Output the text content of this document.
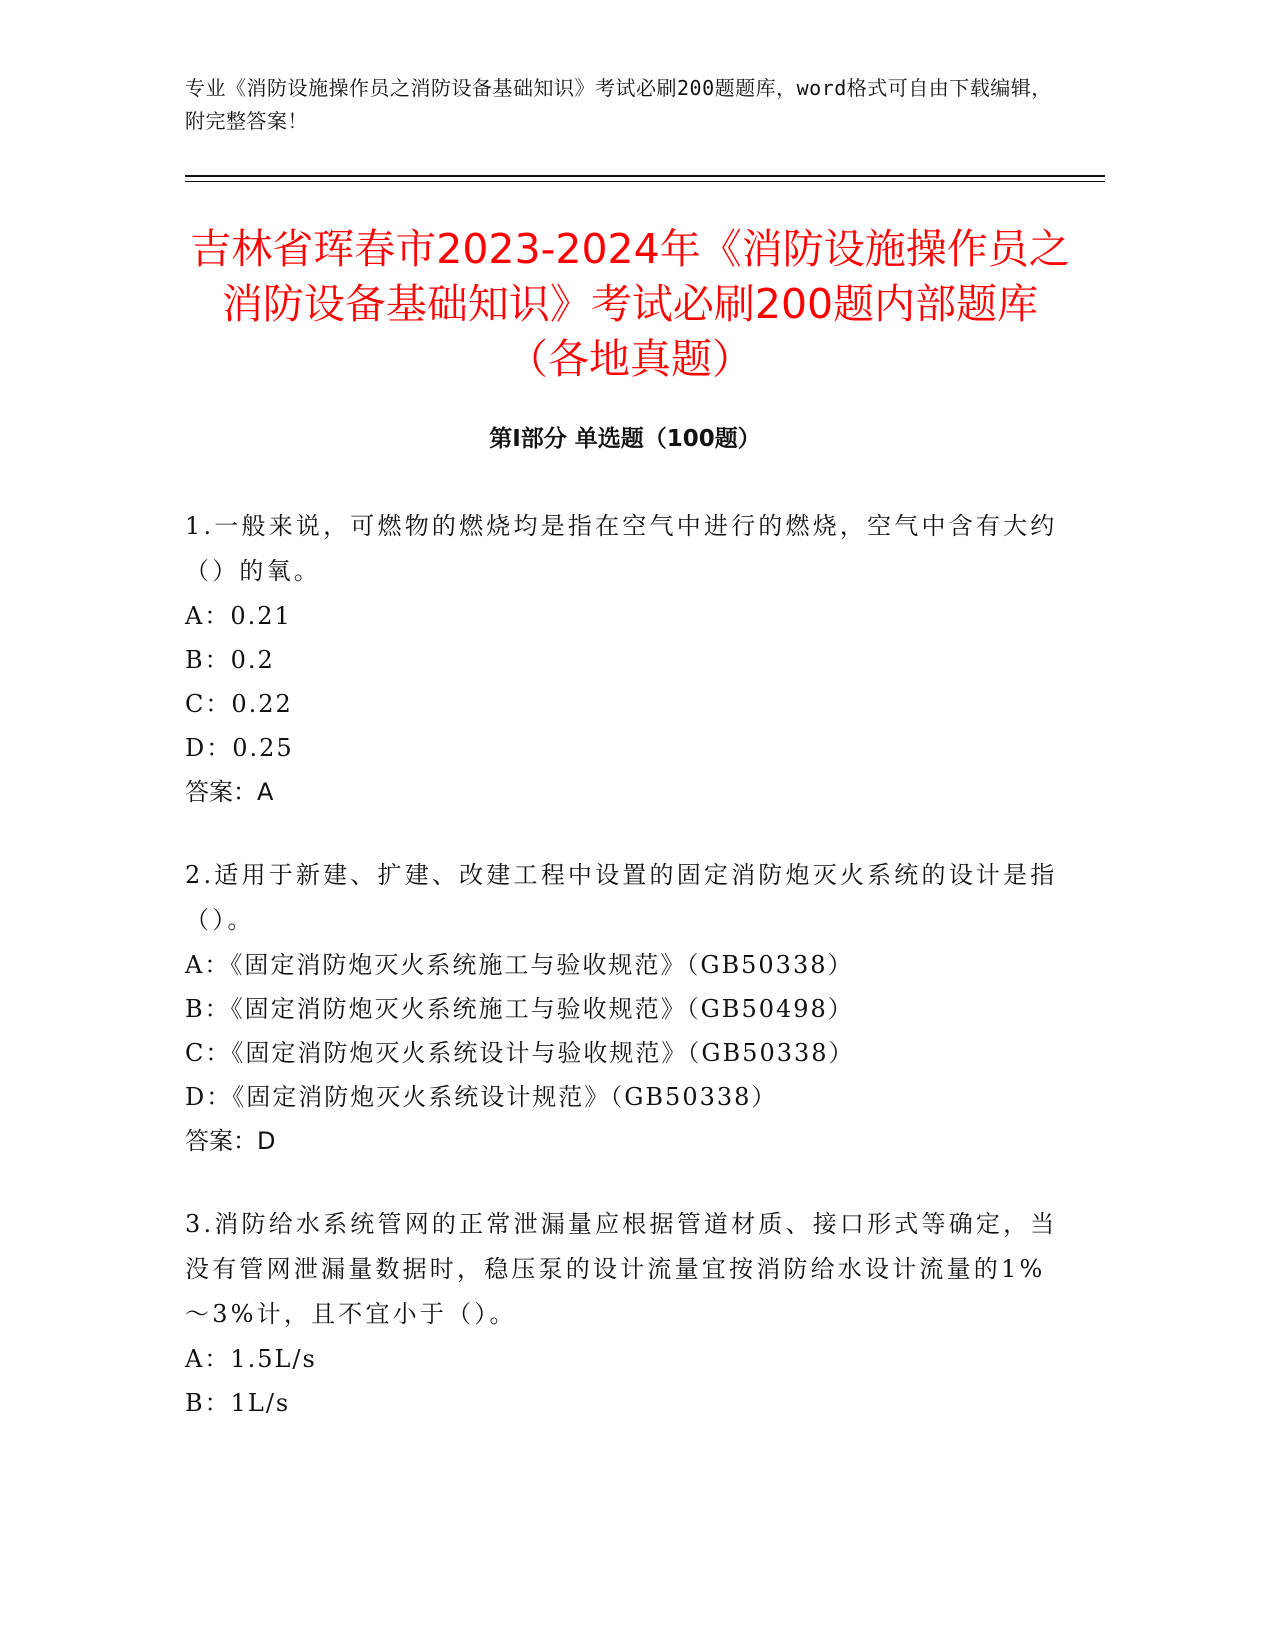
专业《消防设施操作员之消防设备基础知识》考试必刷200题题库，word格式可自由下载编辑，附完整答案！
吉林省珲春市2023-2024年《消防设施操作员之消防设备基础知识》考试必刷200题内部题库（各地真题）
第Ⅰ部分 单选题（100题）

1.一般来说，可燃物的燃烧均是指在空气中进行的燃烧，空气中含有大约（）的氧。

A：0.21

B：0.2

C：0.22

D：0.25

答案：A

2.适用于新建、扩建、改建工程中设置的固定消防炮灭火系统的设计是指（）。

A：《固定消防炮灭火系统施工与验收规范》（GB50338）

B：《固定消防炮灭火系统施工与验收规范》（GB50498）

C：《固定消防炮灭火系统设计与验收规范》（GB50338）

D：《固定消防炮灭火系统设计规范》（GB50338）

答案：D

3.消防给水系统管网的正常泄漏量应根据管道材质、接口形式等确定，当没有管网泄漏量数据时，稳压泵的设计流量宜按消防给水设计流量的1%～3%计，且不宜小于（）。

A：1.5L/s

B：1L/s
